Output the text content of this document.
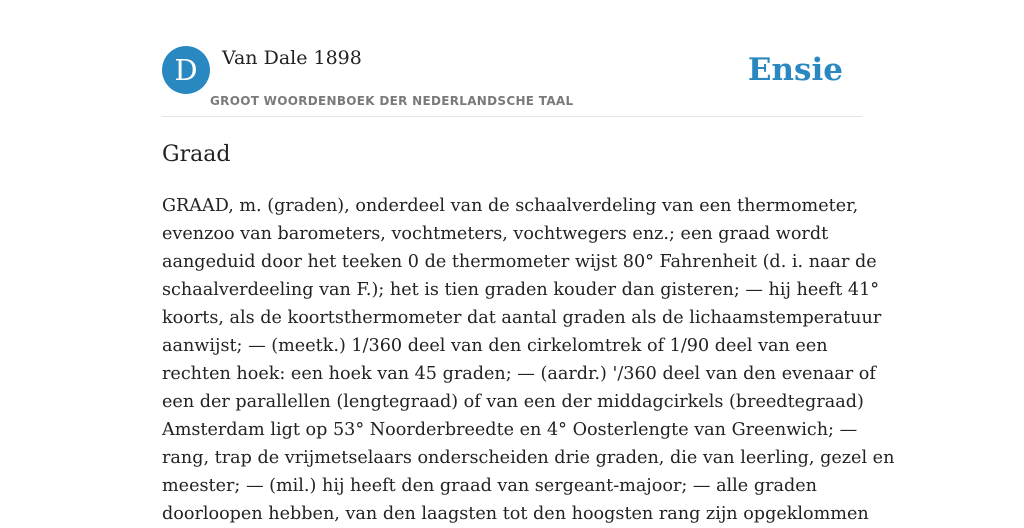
D	Van Dale 1898
GROOT WOORDENBOEK DER NEDERLANDSCHE TAAL
Ensie
Graad
GRAAD, m. (graden), onderdeel van de schaalverdeling van een thermometer,
evenzoo van barometers, vochtmeters, vochtwegers enz.; een graad wordt
aangeduid door het teeken 0 de thermometer wijst 80° Fahrenheit (d. i. naar de
schaalverdeeling van F.); het is tien graden kouder dan gisteren; — hij heeft 41°
koorts, als de koortsthermometer dat aantal graden als de lichaamstemperatuur
aanwijst; — (meetk.) 1/360 deel van den cirkelomtrek of 1/90 deel van een
rechten hoek: een hoek van 45 graden; — (aardr.) '/360 deel van den evenaar of
een der parallellen (lengtegraad) of van een der middagcirkels (breedtegraad)
Amsterdam ligt op 53° Noorderbreedte en 4° Oosterlengte van Greenwich; —
rang, trap de vrijmetselaars onderscheiden drie graden, die van leerling, gezel en
meester; — (mil.) hij heeft den graad van sergeant-majoor; — alle graden
doorloopen hebben, van den laagsten tot den hoogsten rang zijn opgeklommen
